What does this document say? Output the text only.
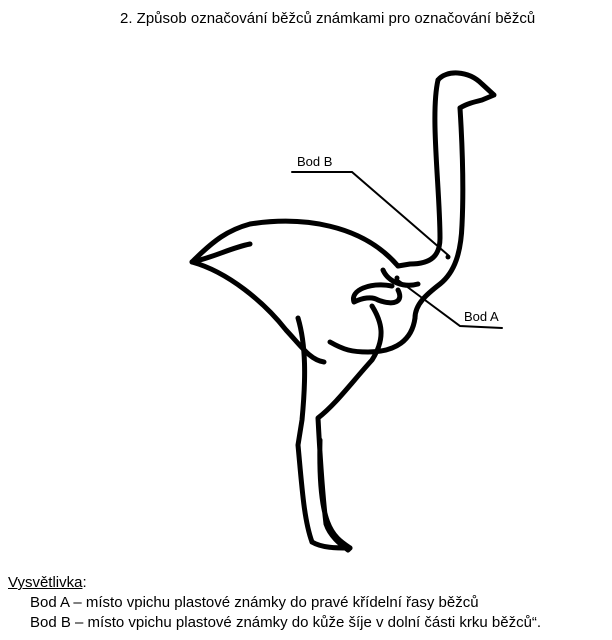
2. Způsob označování běžců známkami pro označování běžců
Bod B
Bod A
Vysvětlivka:
Bod A – místo vpichu plastové známky do pravé křídelní řasy běžců
Bod B – místo vpichu plastové známky do kůže šíje v dolní části krku běžců“.
